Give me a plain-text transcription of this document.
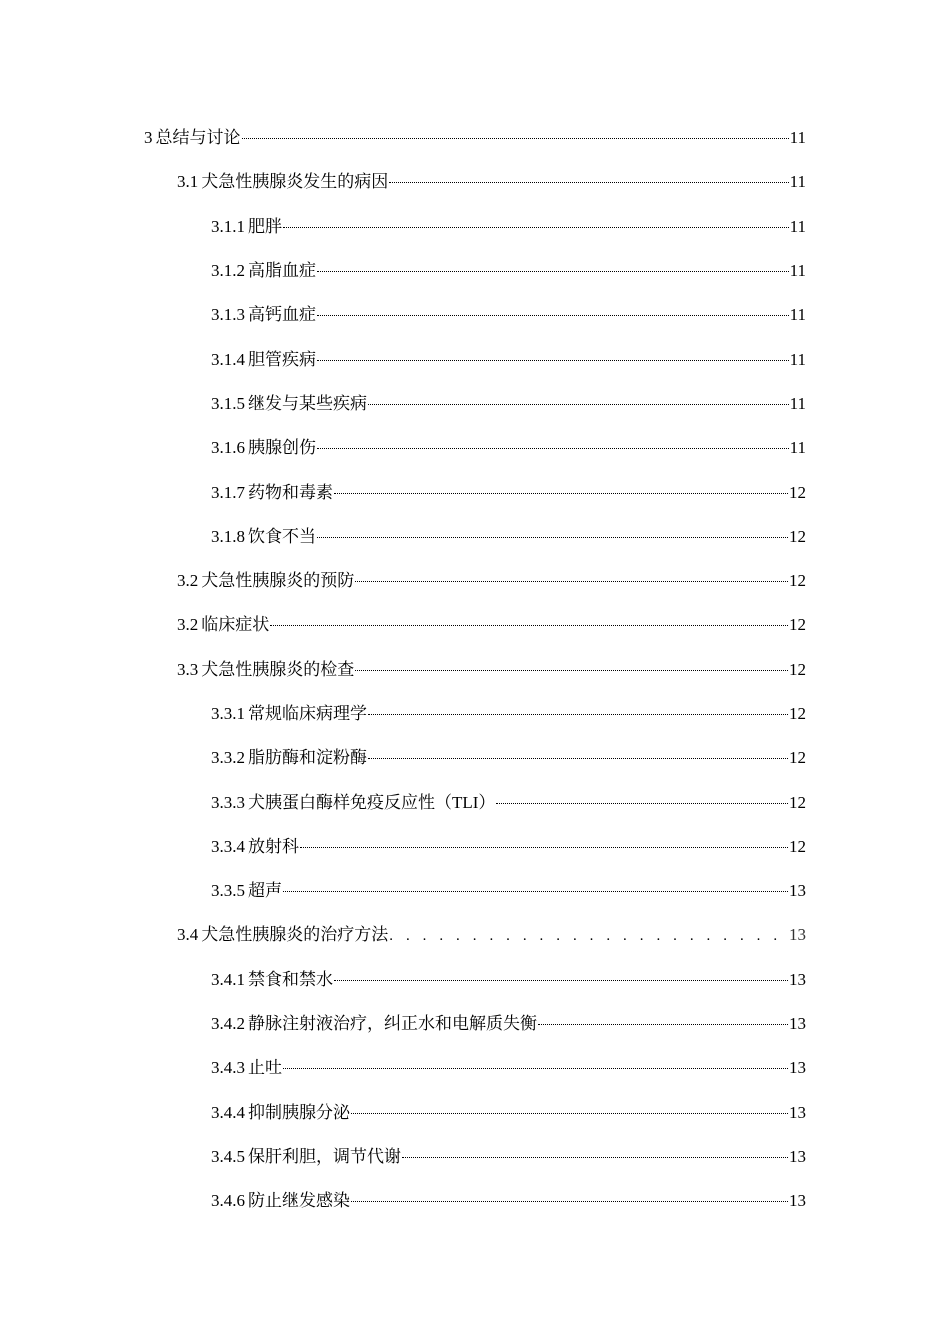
3 总结与讨论	11
3.1 犬急性胰腺炎发生的病因	11
3.1.1 肥胖	11
3.1.2 高脂血症	11
3.1.3 高钙血症	11
3.1.4 胆管疾病	11
3.1.5 继发与某些疾病	11
3.1.6 胰腺创伤	11
3.1.7 药物和毒素	12
3.1.8 饮食不当	12
3.2 犬急性胰腺炎的预防	12
3.2 临床症状	12
3.3 犬急性胰腺炎的检查	12
3.3.1 常规临床病理学	12
3.3.2 脂肪酶和淀粉酶	12
3.3.3 犬胰蛋白酶样免疫反应性（TLI）	12
3.3.4 放射科	12
3.3.5 超声	13
3.4 犬急性胰腺炎的治疗方法 . . .	13
3.4.1 禁食和禁水	13
3.4.2 静脉注射液治疗，纠正水和电解质失衡	13
3.4.3 止吐	13
3.4.4 抑制胰腺分泌	13
3.4.5 保肝利胆，调节代谢	13
3.4.6 防止继发感染	13
